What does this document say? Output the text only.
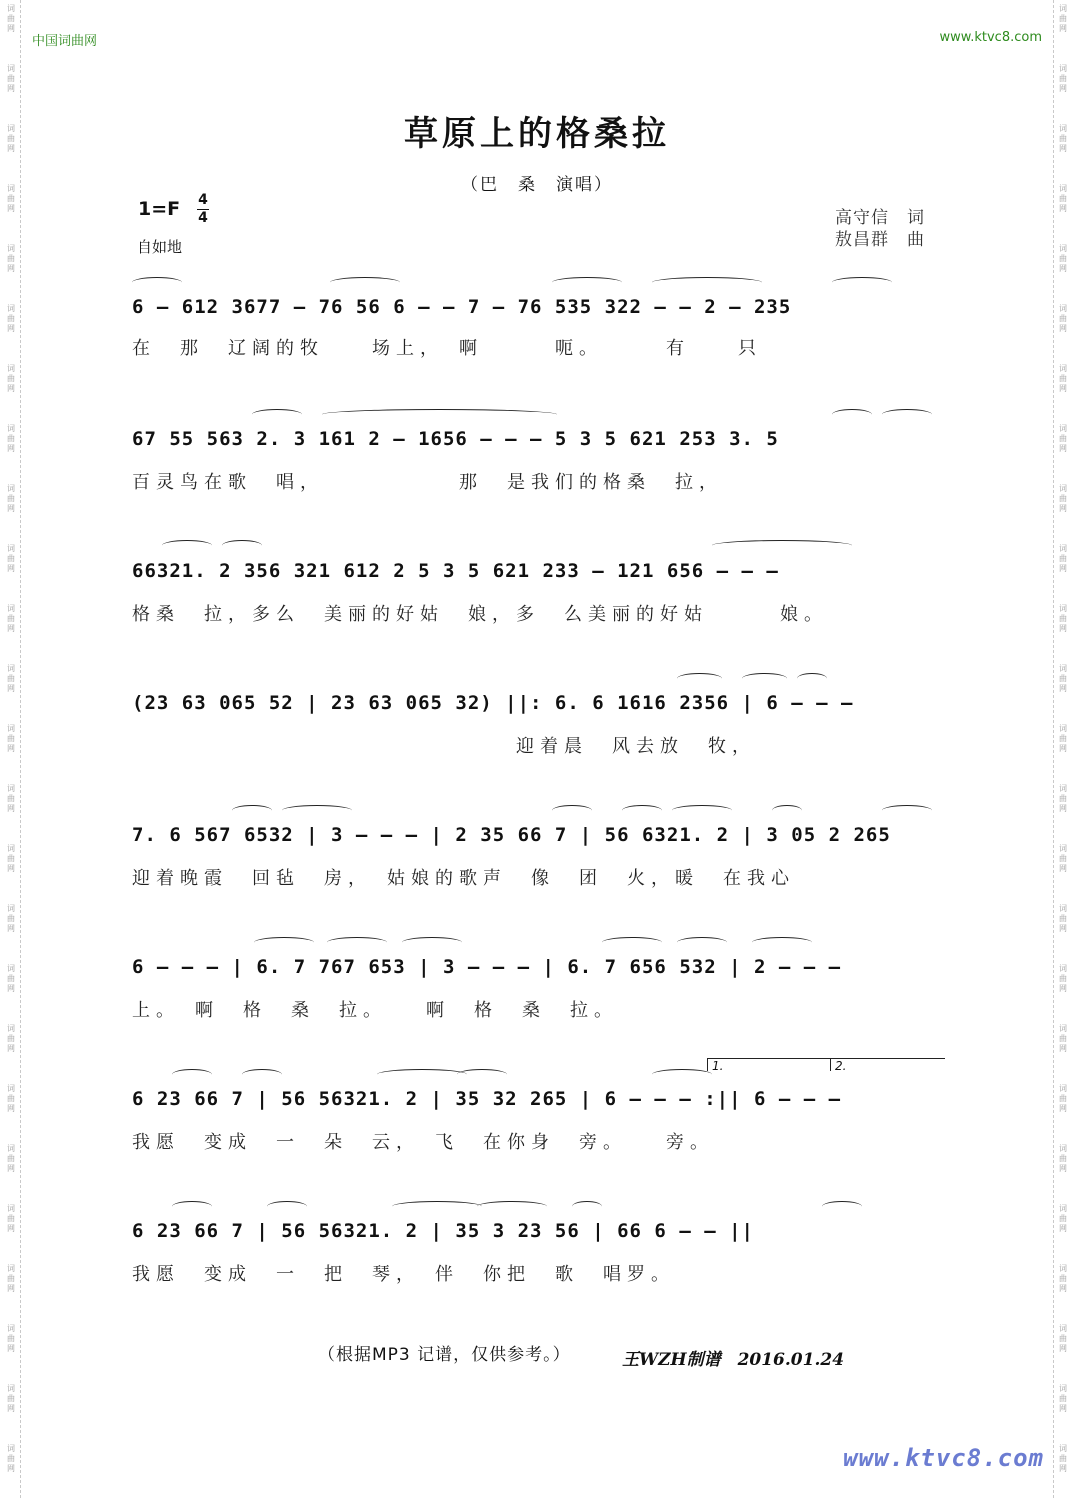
词
曲
网
词
曲
网
词
曲
网
词
曲
网
词
曲
网
词
曲
网
词
曲
网
词
曲
网
词
曲
网
词
曲
网
词
曲
网
词
曲
网
词
曲
网
词
曲
网
词
曲
网
词
曲
网
词
曲
网
词
曲
网
词
曲
网
词
曲
网
词
曲
网
词
曲
网
词
曲
网
词
曲
网
词
曲
网
词
曲
网
词
曲
网
词
曲
网
词
曲
网
词
曲
网
词
曲
网
词
曲
网
词
曲
网
词
曲
网
词
曲
网
词
曲
网
词
曲
网
词
曲
网
词
曲
网
词
曲
网
词
曲
网
词
曲
网
词
曲
网
词
曲
网
词
曲
网
词
曲
网
词
曲
网
词
曲
网
词
曲
网
词
曲
网
中国词曲网	www.ktvc8.com
草原上的格桑拉
（巴　桑　演唱）
1=F 4
4
自如地
高守信　词
敖昌群　曲
6 – 612 3677 – 76 56 6 – – 7 – 76 535 322 – – 2 – 235
在　那　辽阔的牧　　场上，　啊　　　呃。　　　有　　只
67 55 563 2. 3 161 2 – 1656 – – – 5 3 5 621 253 3. 5
百灵鸟在歌　唱，　　　　　　那　是我们的格桑　拉，
66321. 2 356 321 612 2 5 3 5 621 233 – 121 656 – – –
格桑　拉，多么　美丽的好姑　娘，多　么美丽的好姑　　　娘。
(23 63 065 52 | 23 63 065 32) ||: 6. 6 1616 2356 | 6 – – –
　　　　　　　　　　　　　　　　迎着晨　风去放　牧，
7. 6 567 6532 | 3 – – – | 2 35 66 7 | 56 6321. 2 | 3 05 2 265
迎着晚霞　回毡　房，　姑娘的歌声　像　团　火，暖　在我心
6 – – – | 6. 7 767 653 | 3 – – – | 6. 7 656 532 | 2 – – –
上。　啊　格　桑　拉。　　啊　格　桑　拉。
1.	2.
6 23 66 7 | 56 56321. 2 | 35 32 265 | 6 – – – :|| 6 – – –
我愿　变成　一　朵　云，　飞　在你身　旁。　　旁。
6 23 66 7 | 56 56321. 2 | 35 3 23 56 | 66 6 – – ||
我愿　变成　一　把　琴，　伴　你把　歌　唱罗。
（根据MP3 记谱，仅供参考。）	王WZH制谱　2016.01.24
www.ktvc8.com
